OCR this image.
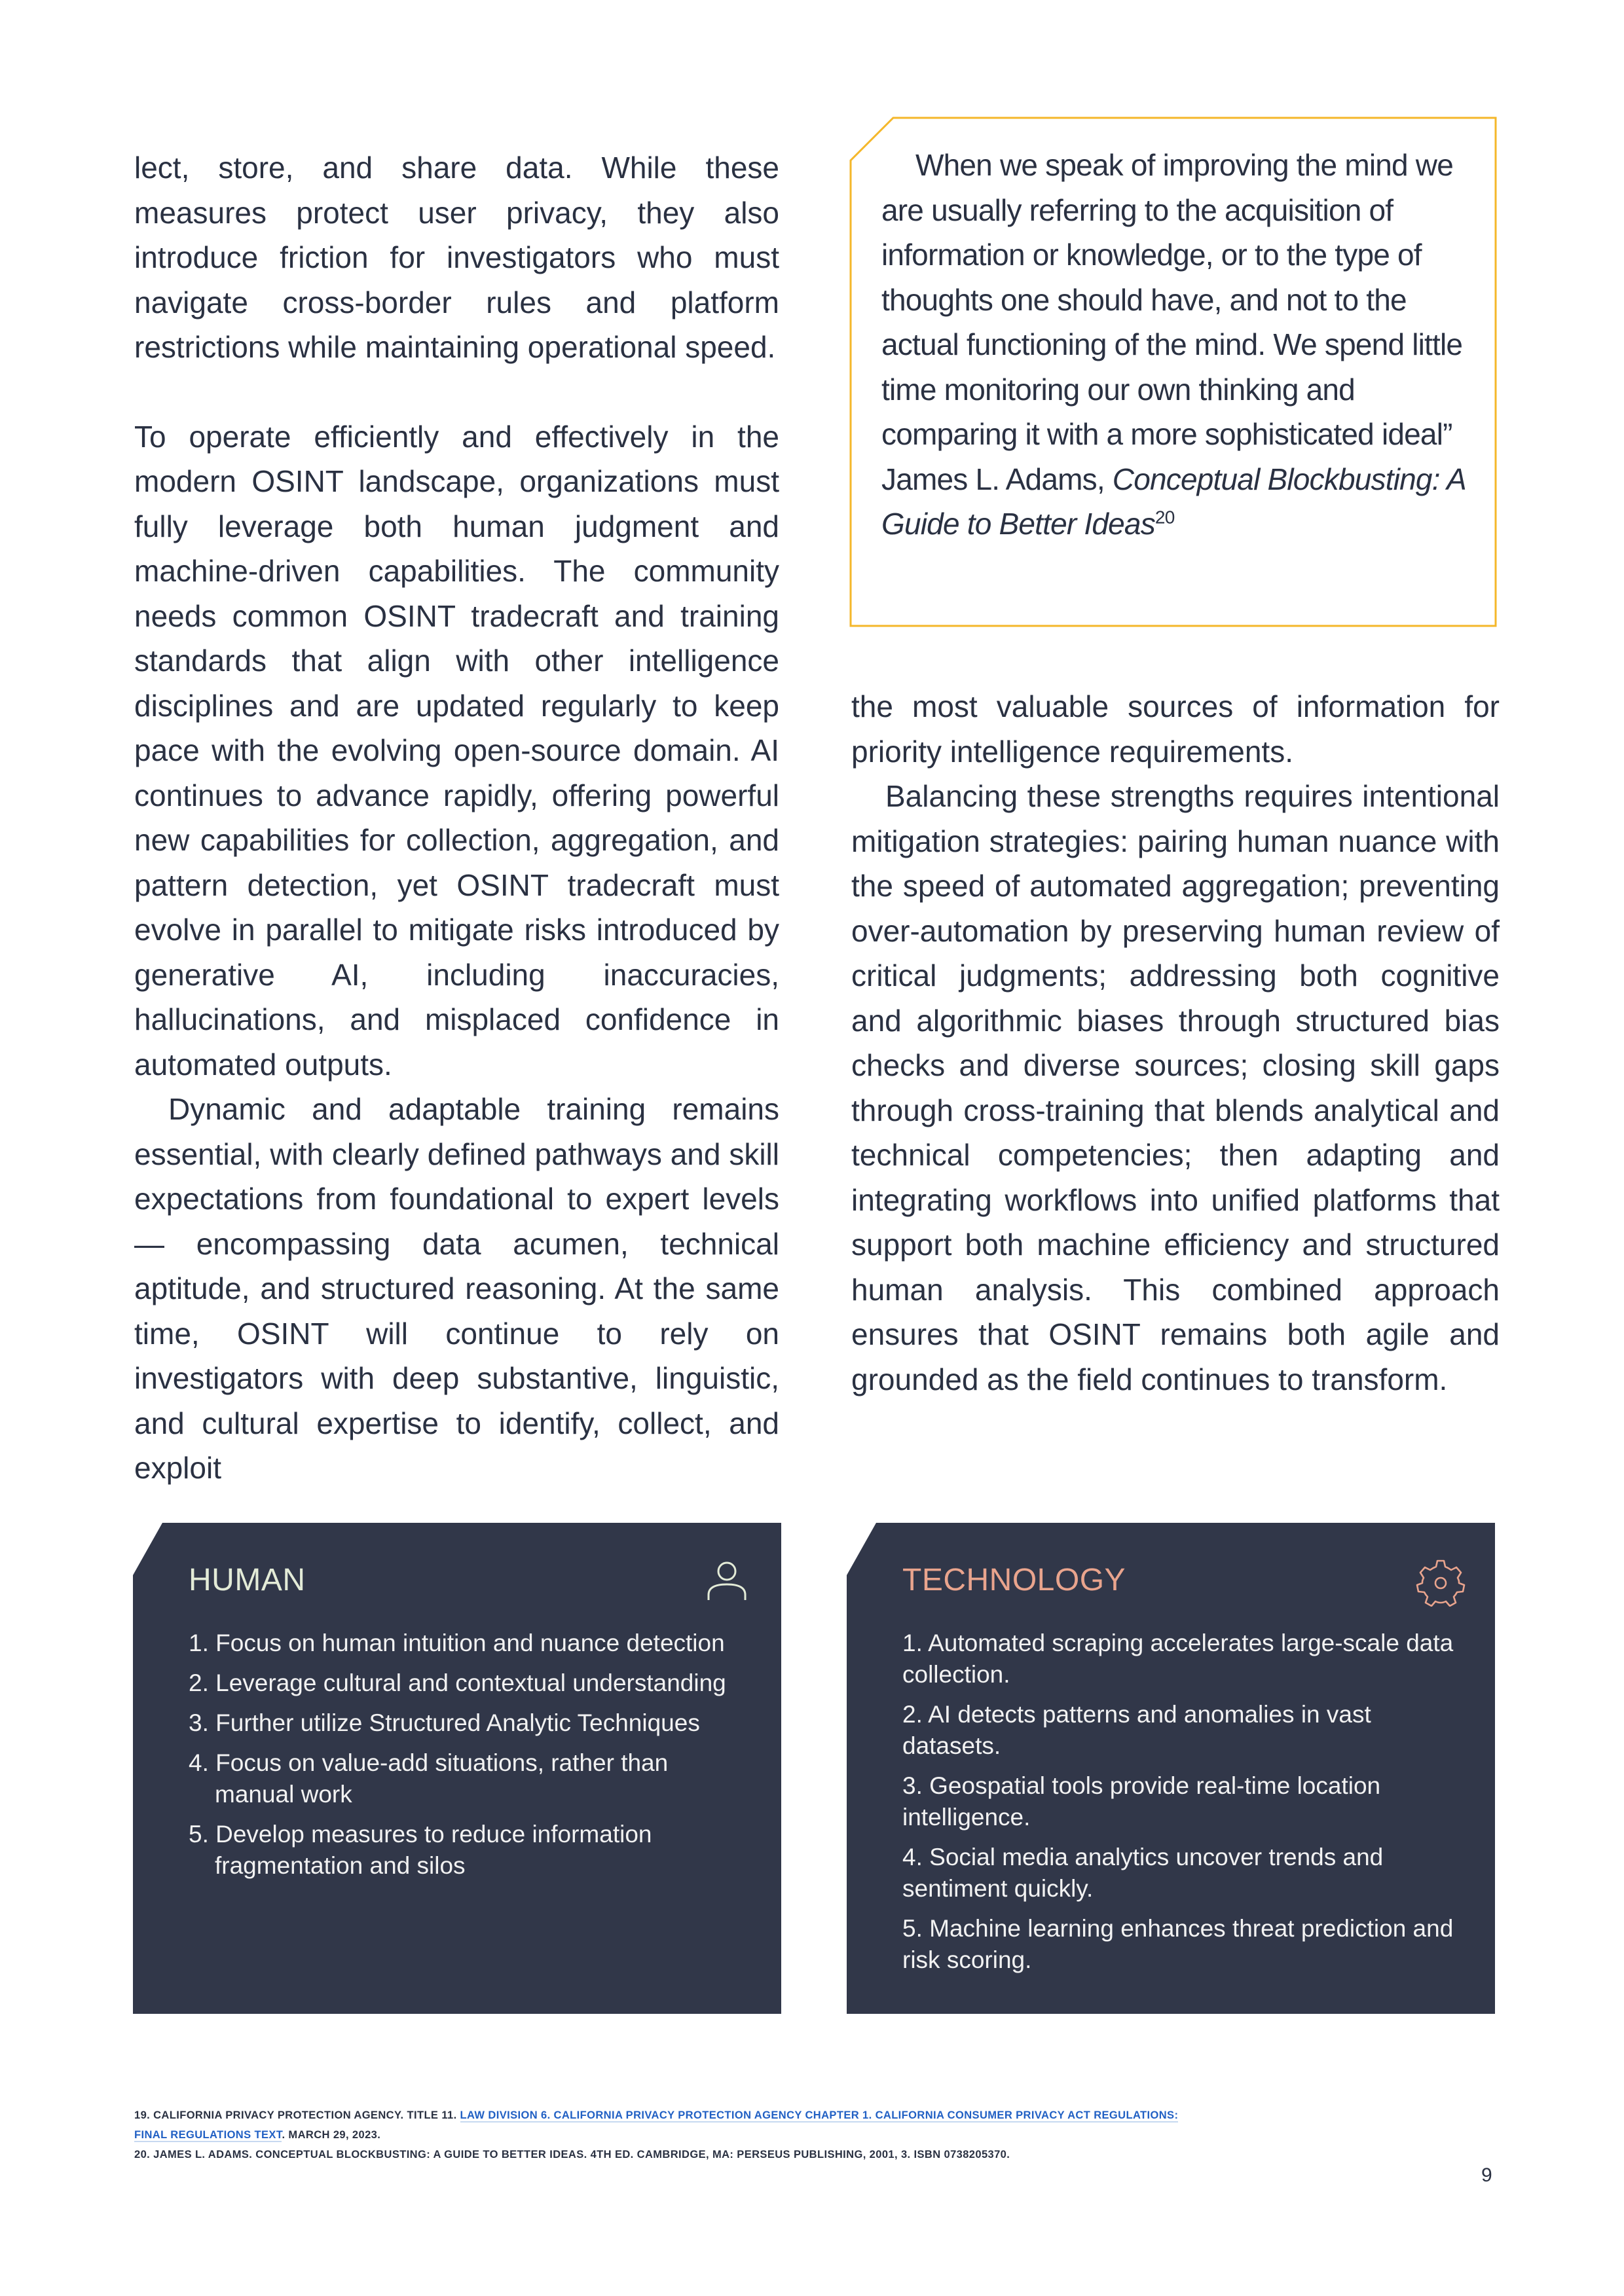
lect, store, and share data. While these measures protect user privacy, they also introduce friction for investigators who must navigate cross-border rules and platform restrictions while maintaining operational speed.

To operate efficiently and effectively in the modern OSINT landscape, organizations must fully leverage both human judgment and machine-driven capabilities. The community needs common OSINT tradecraft and training standards that align with other intelligence disciplines and are updated regularly to keep pace with the evolving open-source domain. AI continues to advance rapidly, offering powerful new capabilities for collection, aggregation, and pattern detection, yet OSINT tradecraft must evolve in parallel to mitigate risks introduced by generative AI, including inaccuracies, hallucinations, and misplaced confidence in automated outputs.

Dynamic and adaptable training remains essential, with clearly defined pathways and skill expectations from foundational to expert levels — encompassing data acumen, technical aptitude, and structured reasoning. At the same time, OSINT will continue to rely on investigators with deep substantive, linguistic, and cultural expertise to identify, collect, and exploit

When we speak of improving the mind we are usually referring to the acquisition of information or knowledge, or to the type of thoughts one should have, and not to the actual functioning of the mind. We spend little time monitoring our own thinking and comparing it with a more sophisticated ideal”

James L. Adams, Conceptual Blockbusting: A Guide to Better Ideas$^{20}$

the most valuable sources of information for priority intelligence requirements.

Balancing these strengths requires intentional mitigation strategies: pairing human nuance with the speed of automated aggregation; preventing over-automation by preserving human review of critical judgments; addressing both cognitive and algorithmic biases through structured bias checks and diverse sources; closing skill gaps through cross-training that blends analytical and technical competencies; then adapting and integrating workflows into unified platforms that support both machine efficiency and structured human analysis. This combined approach ensures that OSINT remains both agile and grounded as the field continues to transform.

HUMAN
1. Focus on human intuition and nuance detection
2. Leverage cultural and contextual understanding
3. Further utilize Structured Analytic Techniques
4. Focus on value-add situations, rather than manual work
5. Develop measures to reduce information fragmentation and silos
TECHNOLOGY
1. Automated scraping accelerates large-scale data collection.
2. AI detects patterns and anomalies in vast datasets.
3. Geospatial tools provide real-time location intelligence.
4. Social media analytics uncover trends and sentiment quickly.
5. Machine learning enhances threat prediction and risk scoring.

19. CALIFORNIA PRIVACY PROTECTION AGENCY. TITLE 11. LAW DIVISION 6. CALIFORNIA PRIVACY PROTECTION AGENCY CHAPTER 1. CALIFORNIA CONSUMER PRIVACY ACT REGULATIONS:

FINAL REGULATIONS TEXT. MARCH 29, 2023.

20. JAMES L. ADAMS. CONCEPTUAL BLOCKBUSTING: A GUIDE TO BETTER IDEAS. 4TH ED. CAMBRIDGE, MA: PERSEUS PUBLISHING, 2001, 3. ISBN 0738205370.

9
